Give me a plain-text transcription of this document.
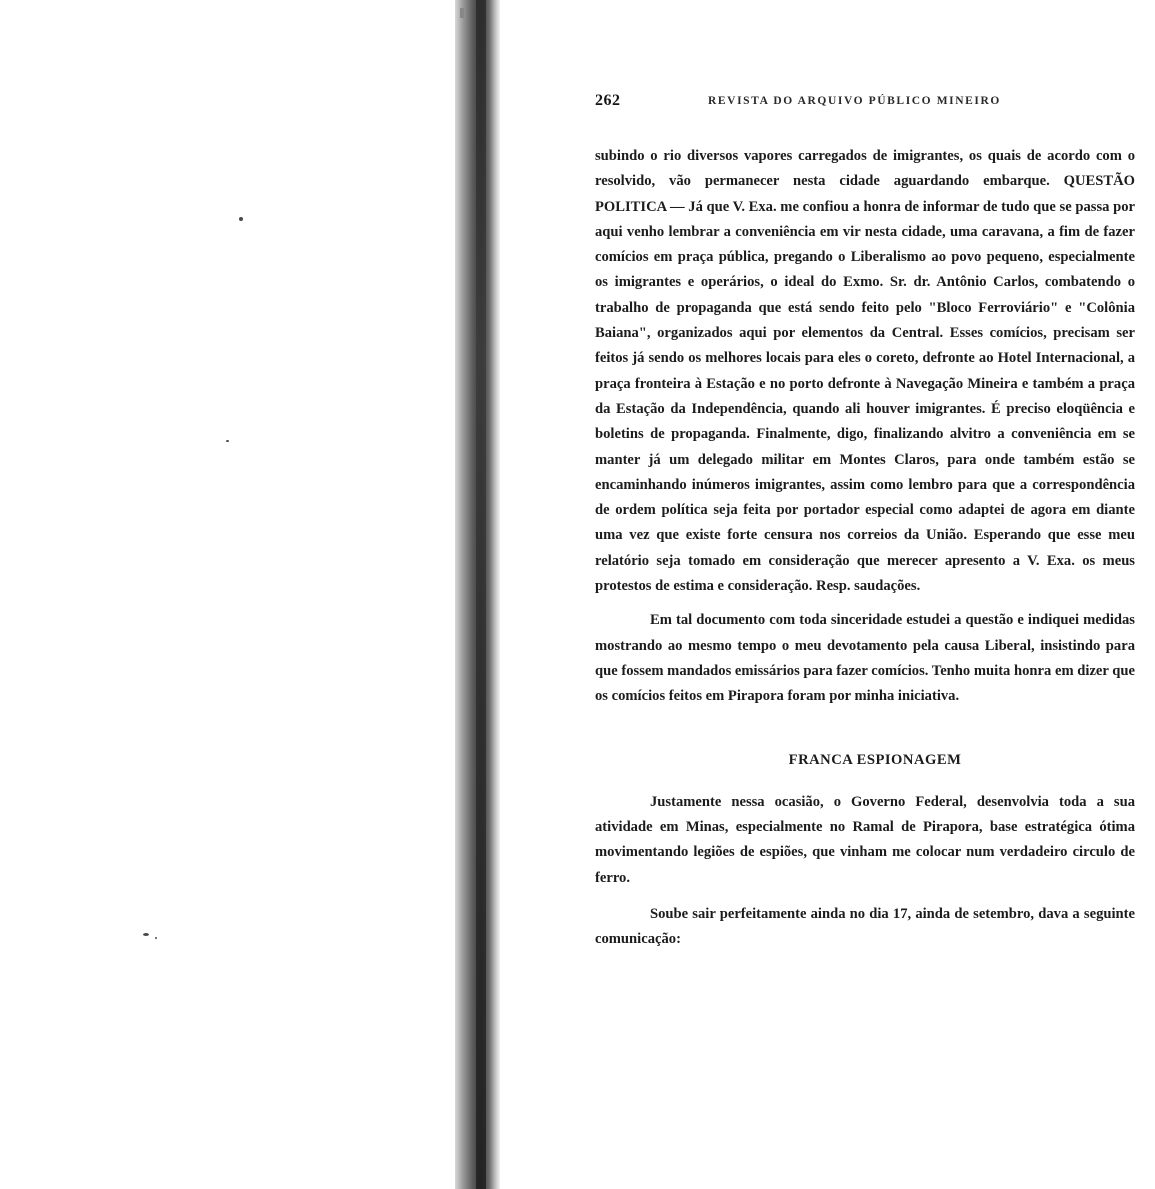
262	REVISTA DO ARQUIVO PÚBLICO MINEIRO

subindo o rio diversos vapores carregados de imigrantes, os quais de acordo com o resolvido, vão permanecer nesta cidade aguardando embarque. QUESTÃO POLITICA — Já que V. Exa. me confiou a honra de informar de tudo que se passa por aqui venho lembrar a conveniência em vir nesta cidade, uma caravana, a fim de fazer comícios em praça pública, pregando o Liberalismo ao povo pequeno, especialmente os imigrantes e operários, o ideal do Exmo. Sr. dr. Antônio Carlos, combatendo o trabalho de propaganda que está sendo feito pelo "Bloco Ferroviário" e "Colônia Baiana", organizados aqui por elementos da Central. Esses comícios, precisam ser feitos já sendo os melhores locais para eles o coreto, defronte ao Hotel Internacional, a praça fronteira à Estação e no porto defronte à Navegação Mineira e também a praça da Estação da Independência, quando ali houver imigrantes. É preciso eloqüência e boletins de propaganda. Finalmente, digo, finalizando alvitro a conveniência em se manter já um delegado militar em Montes Claros, para onde também estão se encaminhando inúmeros imigrantes, assim como lembro para que a correspondência de ordem política seja feita por portador especial como adaptei de agora em diante uma vez que existe forte censura nos correios da União. Esperando que esse meu relatório seja tomado em consideração que merecer apresento a V. Exa. os meus protestos de estima e consideração. Resp. saudações.

Em tal documento com toda sinceridade estudei a questão e indiquei medidas mostrando ao mesmo tempo o meu devotamento pela causa Liberal, insistindo para que fossem mandados emissários para fazer comícios. Tenho muita honra em dizer que os comícios feitos em Pirapora foram por minha iniciativa.

FRANCA ESPIONAGEM

Justamente nessa ocasião, o Governo Federal, desenvolvia toda a sua atividade em Minas, especialmente no Ramal de Pirapora, base estratégica ótima movimentando legiões de espiões, que vinham me colocar num verdadeiro circulo de ferro.

Soube sair perfeitamente ainda no dia 17, ainda de setembro, dava a seguinte comunicação:
